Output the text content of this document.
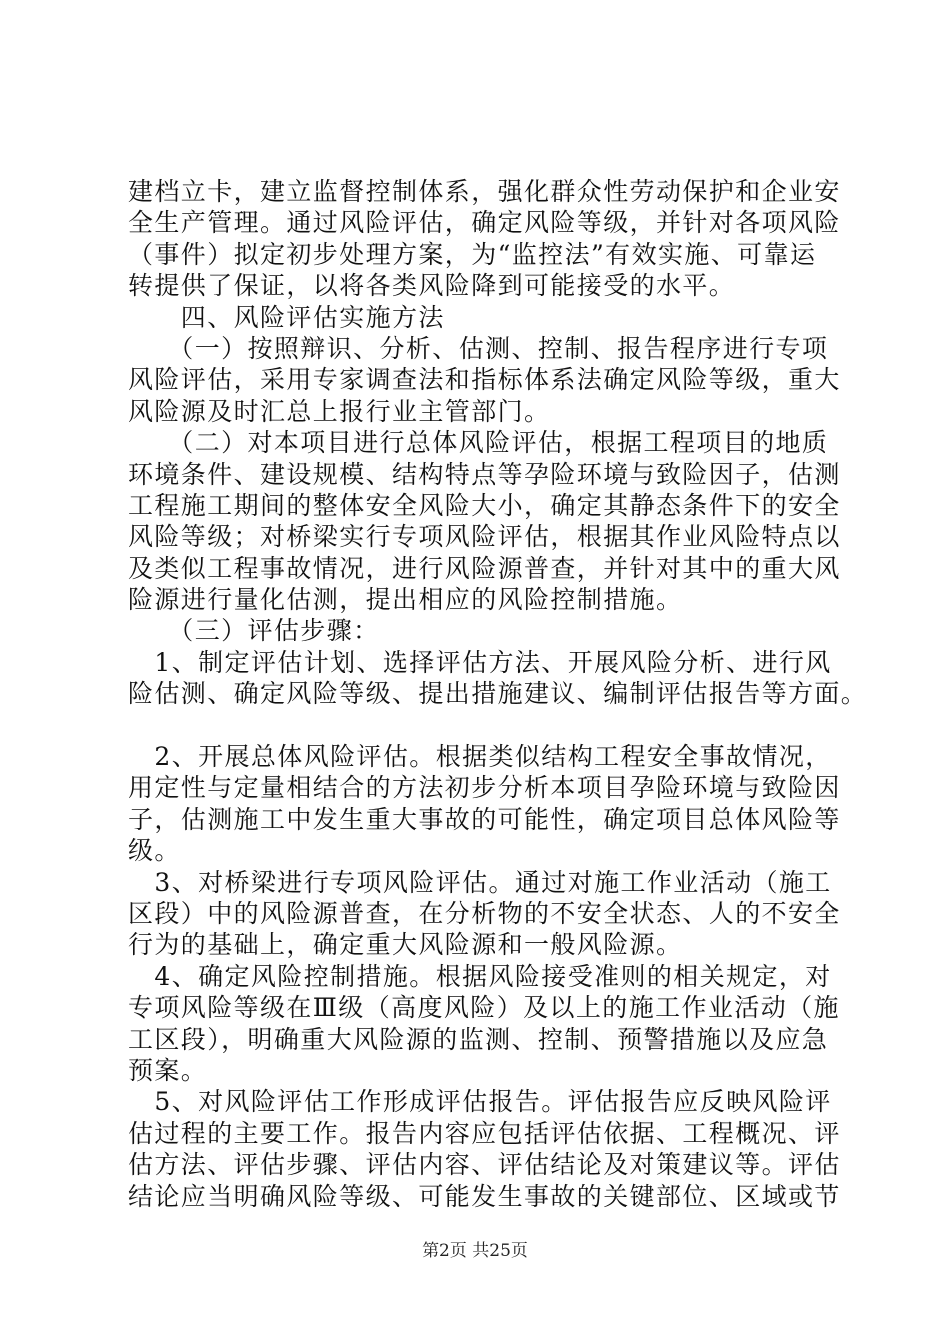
建档立卡，建立监督控制体系，强化群众性劳动保护和企业安
全生产管理。通过风险评估，确定风险等级，并针对各项风险
（事件）拟定初步处理方案，为“监控法”有效实施、可靠运
转提供了保证，以将各类风险降到可能接受的水平。
　　四、风险评估实施方法
　　（一）按照辩识、分析、估测、控制、报告程序进行专项
风险评估，采用专家调查法和指标体系法确定风险等级，重大
风险源及时汇总上报行业主管部门。
　　（二）对本项目进行总体风险评估，根据工程项目的地质
环境条件、建设规模、结构特点等孕险环境与致险因子，估测
工程施工期间的整体安全风险大小，确定其静态条件下的安全
风险等级；对桥梁实行专项风险评估，根据其作业风险特点以
及类似工程事故情况，进行风险源普查，并针对其中的重大风
险源进行量化估测，提出相应的风险控制措施。
　　（三）评估步骤：
　1、制定评估计划、选择评估方法、开展风险分析、进行风
险估测、确定风险等级、提出措施建议、编制评估报告等方面。
　2、开展总体风险评估。根据类似结构工程安全事故情况，
用定性与定量相结合的方法初步分析本项目孕险环境与致险因
子，估测施工中发生重大事故的可能性，确定项目总体风险等
级。
　3、对桥梁进行专项风险评估。通过对施工作业活动（施工
区段）中的风险源普查，在分析物的不安全状态、人的不安全
行为的基础上，确定重大风险源和一般风险源。
　4、确定风险控制措施。根据风险接受准则的相关规定，对
专项风险等级在Ⅲ级（高度风险）及以上的施工作业活动（施
工区段），明确重大风险源的监测、控制、预警措施以及应急
预案。
　5、对风险评估工作形成评估报告。评估报告应反映风险评
估过程的主要工作。报告内容应包括评估依据、工程概况、评
估方法、评估步骤、评估内容、评估结论及对策建议等。评估
结论应当明确风险等级、可能发生事故的关键部位、区域或节
第2页 共25页
